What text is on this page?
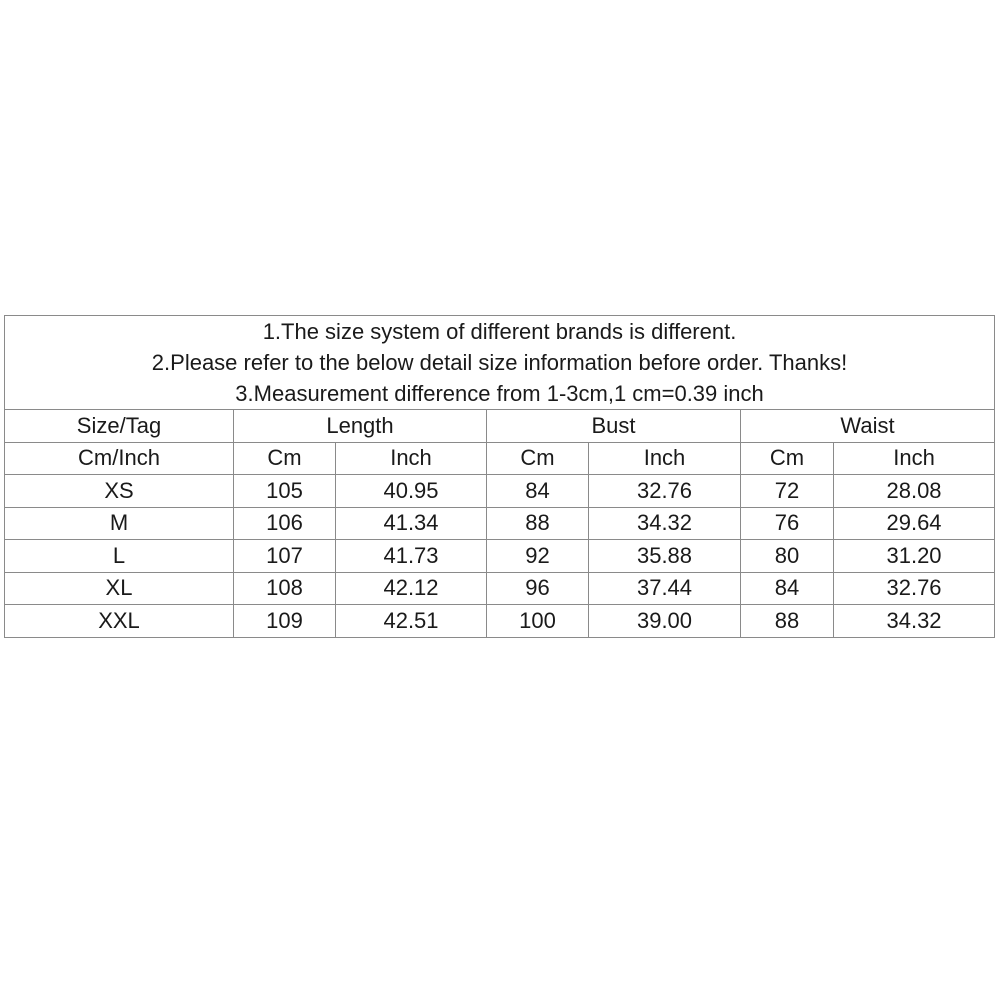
1.The size system of different brands is different.
2.Please refer to the below detail size information before order. Thanks!
3.Measurement difference from 1-3cm,1 cm=0.39 inch						

Size/Tag	Length		Bust		Waist	
Cm/Inch	Cm	Inch	Cm	Inch	Cm	Inch
XS	105	40.95	84	32.76	72	28.08
M	106	41.34	88	34.32	76	29.64
L	107	41.73	92	35.88	80	31.20
XL	108	42.12	96	37.44	84	32.76
XXL	109	42.51	100	39.00	88	34.32
